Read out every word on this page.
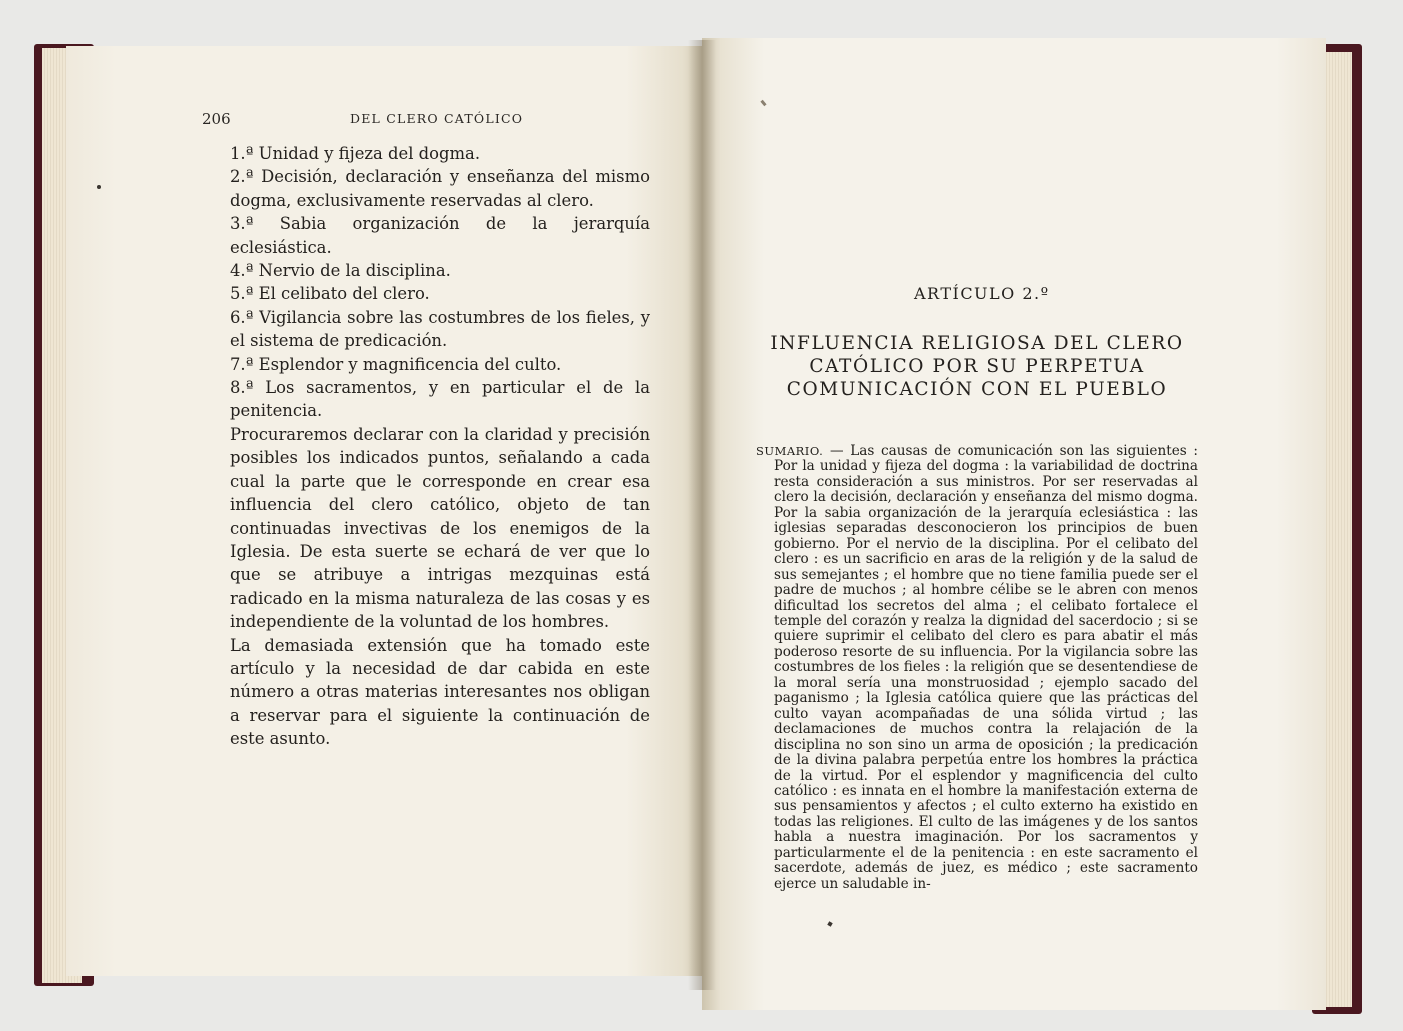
206	DEL CLERO CATÓLICO

1.ª Unidad y fijeza del dogma.

2.ª Decisión, declaración y enseñanza del mismo dogma, exclusivamente reservadas al clero.

3.ª Sabia organización de la jerarquía eclesiástica.

4.ª Nervio de la disciplina.

5.ª El celibato del clero.

6.ª Vigilancia sobre las costumbres de los fieles, y el sistema de predicación.

7.ª Esplendor y magnificencia del culto.

8.ª Los sacramentos, y en particular el de la penitencia.

Procuraremos declarar con la claridad y precisión posibles los indicados puntos, señalando a cada cual la parte que le corresponde en crear esa influencia del clero católico, objeto de tan continuadas invectivas de los enemigos de la Iglesia. De esta suerte se echará de ver que lo que se atribuye a intrigas mezquinas está radicado en la misma naturaleza de las cosas y es independiente de la voluntad de los hombres.

La demasiada extensión que ha tomado este artículo y la necesidad de dar cabida en este número a otras materias interesantes nos obligan a reservar para el siguiente la continuación de este asunto.

ARTÍCULO 2.º
INFLUENCIA RELIGIOSA DEL CLERO CATÓLICO POR SU PERPETUA COMUNICACIÓN CON EL PUEBLO

SUMARIO. — Las causas de comunicación son las siguientes : Por la unidad y fijeza del dogma : la variabilidad de doctrina resta consideración a sus ministros. Por ser reservadas al clero la decisión, declaración y enseñanza del mismo dogma. Por la sabia organización de la jerarquía eclesiástica : las iglesias separadas desconocieron los principios de buen gobierno. Por el nervio de la disciplina. Por el celibato del clero : es un sacrificio en aras de la religión y de la salud de sus semejantes ; el hombre que no tiene familia puede ser el padre de muchos ; al hombre célibe se le abren con menos dificultad los secretos del alma ; el celibato fortalece el temple del corazón y realza la dignidad del sacerdocio ; si se quiere suprimir el celibato del clero es para abatir el más poderoso resorte de su influencia. Por la vigilancia sobre las costumbres de los fieles : la religión que se desentendiese de la moral sería una monstruosidad ; ejemplo sacado del paganismo ; la Iglesia católica quiere que las prácticas del culto vayan acompañadas de una sólida virtud ; las declamaciones de muchos contra la relajación de la disciplina no son sino un arma de oposición ; la predicación de la divina palabra perpetúa entre los hombres la práctica de la virtud. Por el esplendor y magnificencia del culto católico : es innata en el hombre la manifestación externa de sus pensamientos y afectos ; el culto externo ha existido en todas las religiones. El culto de las imágenes y de los santos habla a nuestra imaginación. Por los sacramentos y particularmente el de la penitencia : en este sacramento el sacerdote, además de juez, es médico ; este sacramento ejerce un saludable in-
